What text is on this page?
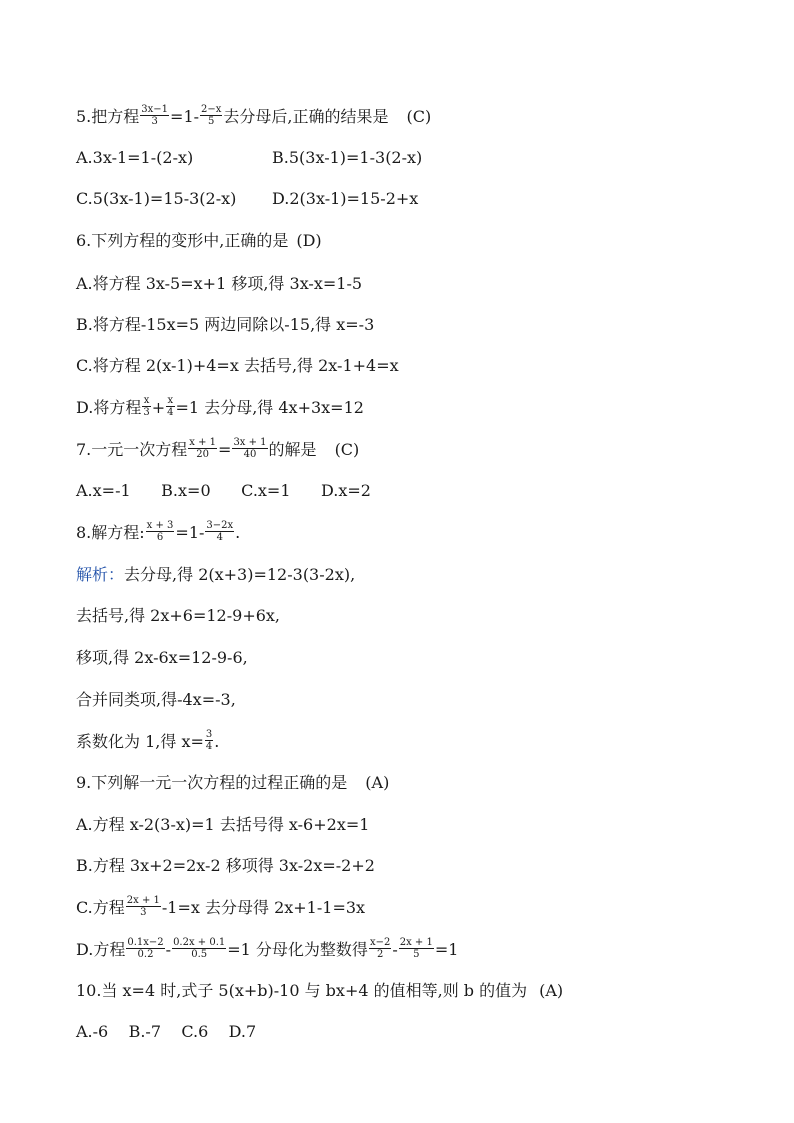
5.把方程 $\frac{3x-1}{3} =1- \frac{2-x}{5}$ 去分母后,正确的结果是 (C)
A.3x-1=1-(2-x)	B.5(3x-1)=1-3(2-x)
C.5(3x-1)=15-3(2-x) D.2(3x-1)=15-2+x
6.下列方程的变形中,正确的是 (D)
A.将方程 3x-5=x+1 移项,得 3x-x=1-5
B.将方程-15x=5 两边同除以-15,得 x=-3
C.将方程 2(x-1)+4=x 去括号,得 2x-1+4=x
D.将方程 $\frac{x}{3} + \frac{x}{4} =1$ 去分母,得 4x+3x=12
7.一元一次方程 $\frac{x + 1}{20} = \frac{3x + 1}{40}$ 的解是 (C)
A.x=-1      B.x=0      C.x=1      D.x=2
8.解方程: $\frac{x + 3}{6} =1- \frac{3-2x}{4}$ .
解析：去分母,得 2(x+3)=12-3(3-2x),
去括号,得 2x+6=12-9+6x,
移项,得 2x-6x=12-9-6,
合并同类项,得-4x=-3,
系数化为 1,得 $x= \frac{3}{4}$ .
9.下列解一元一次方程的过程正确的是 (A)
A.方程 x-2(3-x)=1 去括号得 x-6+2x=1
B.方程 3x+2=2x-2 移项得 3x-2x=-2+2
C.方程 $\frac{2x + 1}{3} -1=x$ 去分母得 2x+1-1=3x
D.方程 $\frac{0.1x-2}{0.2} - \frac{0.2x + 0.1}{0.5} =1$ 分母化为整数得 $\frac{x-2}{2} - \frac{2x + 1}{5} =1$
10.当 x=4 时,式子 5(x+b)-10 与 bx+4 的值相等,则 b 的值为 (A)
A.-6    B.-7    C.6    D.7
